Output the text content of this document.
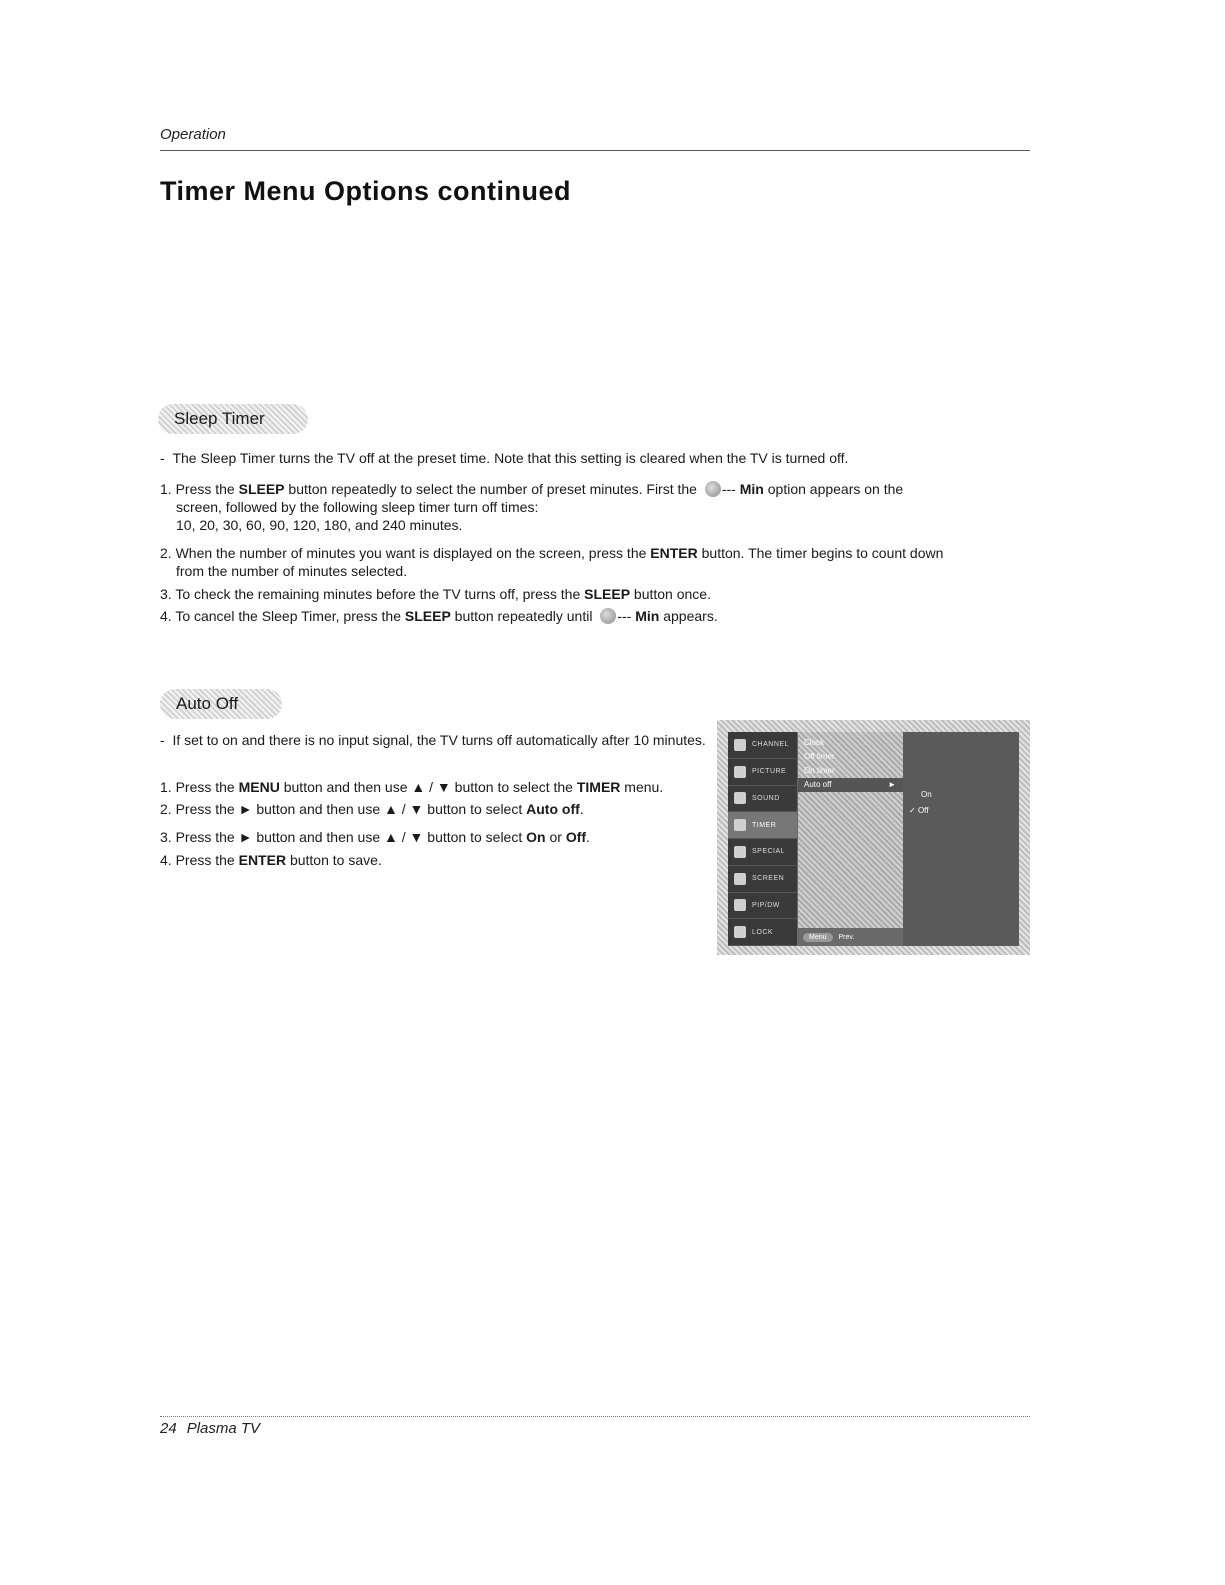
Operation
Timer Menu Options continued
Sleep Timer

-  The Sleep Timer turns the TV off at the preset time. Note that this setting is cleared when the TV is turned off.

1. Press the SLEEP button repeatedly to select the number of preset minutes. First the --- Min option appears on the screen, followed by the following sleep timer turn off times:
10, 20, 30, 60, 90, 120, 180, and 240 minutes.

2. When the number of minutes you want is displayed on the screen, press the ENTER button. The timer begins to count down from the number of minutes selected.

3. To check the remaining minutes before the TV turns off, press the SLEEP button once.

4. To cancel the Sleep Timer, press the SLEEP button repeatedly until --- Min appears.

Auto Off

-  If set to on and there is no input signal, the TV turns off automatically after 10 minutes.

1. Press the MENU button and then use ▲ / ▼ button to select the TIMER menu.

2. Press the ► button and then use ▲ / ▼ button to select Auto off.

3. Press the ► button and then use ▲ / ▼ button to select On or Off.

4. Press the ENTER button to save.

CHANNEL
PICTURE
SOUND
TIMER
SPECIAL
SCREEN
PIP/DW
LOCK
Clock
Off timer
On timer
Auto off	►
On
✓ Off
Menu	Prev.
24 Plasma TV
